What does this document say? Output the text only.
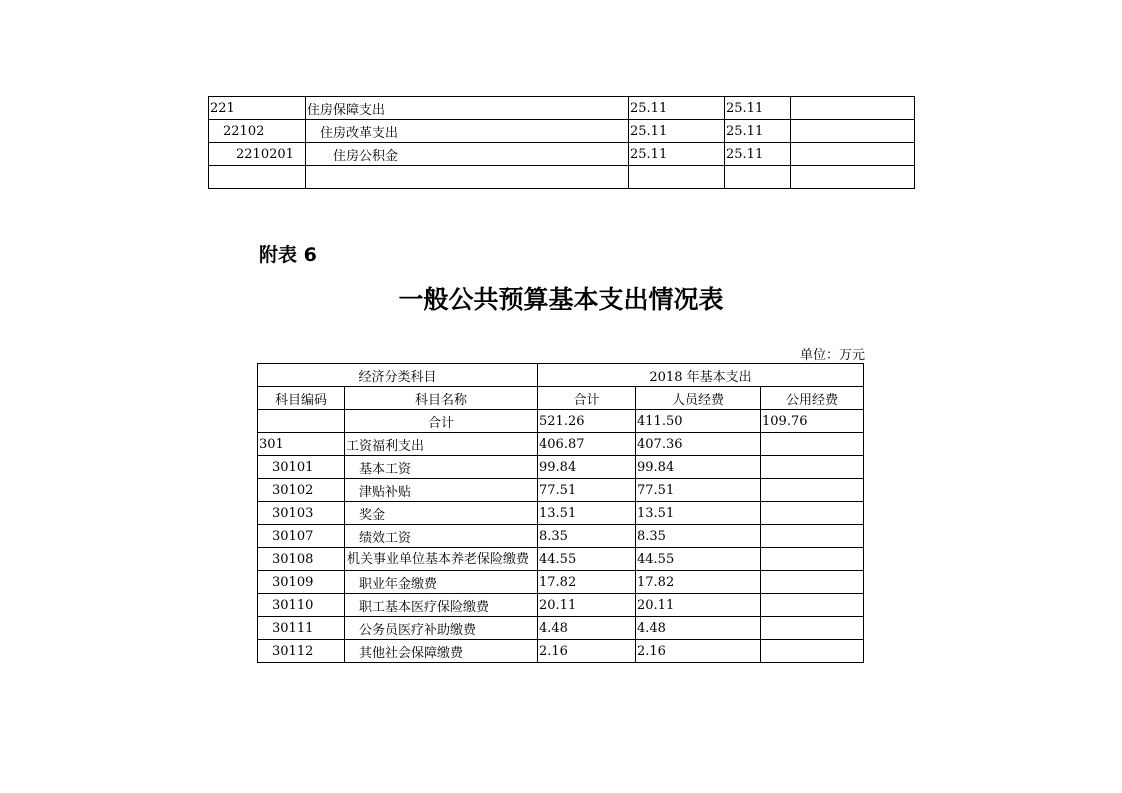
221	住房保障支出	25.11	25.11	
22102	住房改革支出	25.11	25.11	
2210201	住房公积金	25.11	25.11	

附表 6
一般公共预算基本支出情况表
单位：万元
经济分类科目		2018 年基本支出		
科目编码	科目名称	合计	人员经费	公用经费
	合计	521.26	411.50	109.76
301	工资福利支出	406.87	407.36	
30101	基本工资	99.84	99.84	
30102	津贴补贴	77.51	77.51	
30103	奖金	13.51	13.51	
30107	绩效工资	8.35	8.35	
30108	机关事业单位基本养老保险缴费	44.55	44.55	
30109	职业年金缴费	17.82	17.82	
30110	职工基本医疗保险缴费	20.11	20.11	
30111	公务员医疗补助缴费	4.48	4.48	
30112	其他社会保障缴费	2.16	2.16	
